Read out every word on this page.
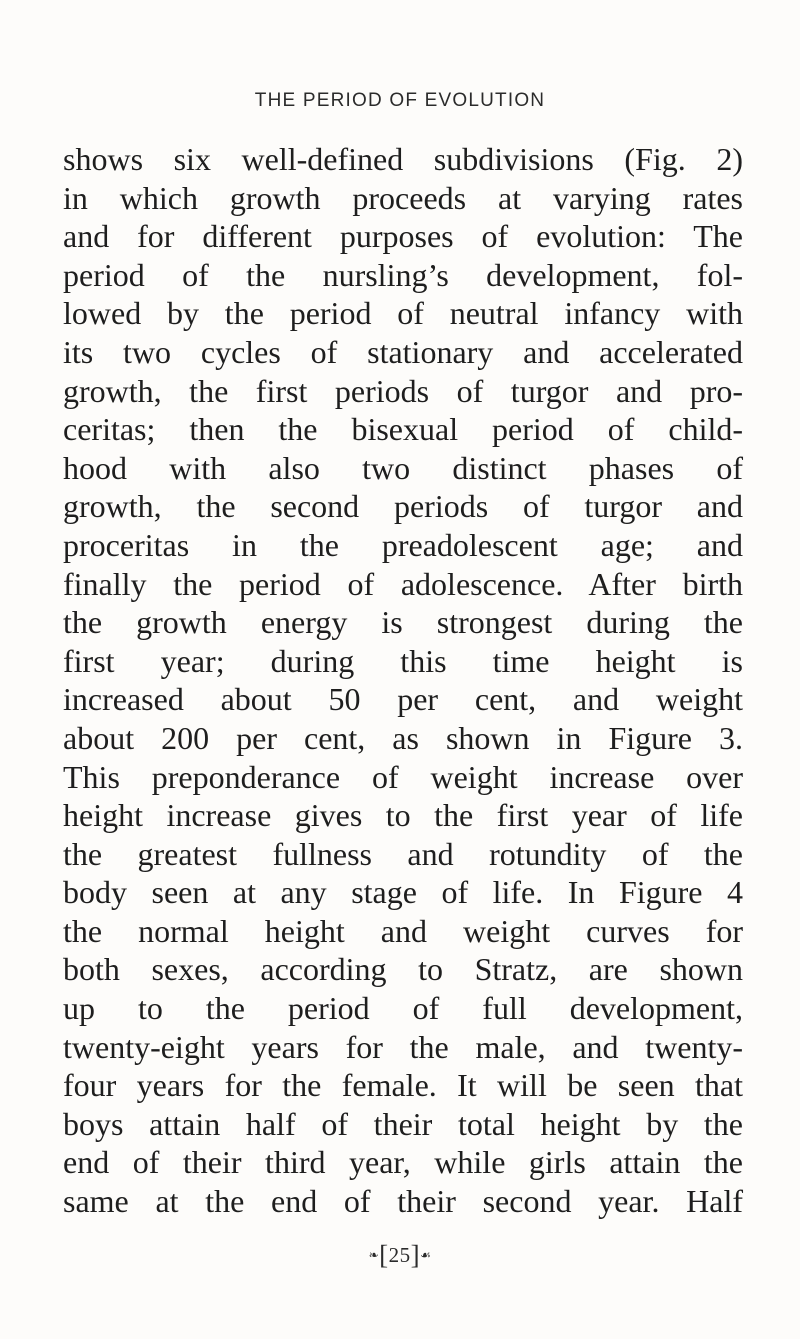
THE PERIOD OF EVOLUTION
shows six well-defined subdivisions (Fig. 2)
in which growth proceeds at varying rates
and for different purposes of evolution: The
period of the nursling’s development, fol-
lowed by the period of neutral infancy with
its two cycles of stationary and accelerated
growth, the first periods of turgor and pro-
ceritas; then the bisexual period of child-
hood with also two distinct phases of
growth, the second periods of turgor and
proceritas in the preadolescent age; and
finally the period of adolescence. After birth
the growth energy is strongest during the
first year; during this time height is
increased about 50 per cent, and weight
about 200 per cent, as shown in Figure 3.
This preponderance of weight increase over
height increase gives to the first year of life
the greatest fullness and rotundity of the
body seen at any stage of life. In Figure 4
the normal height and weight curves for
both sexes, according to Stratz, are shown
up to the period of full development,
twenty-eight years for the male, and twenty-
four years for the female. It will be seen that
boys attain half of their total height by the
end of their third year, while girls attain the
same at the end of their second year. Half
❧[25]☙
